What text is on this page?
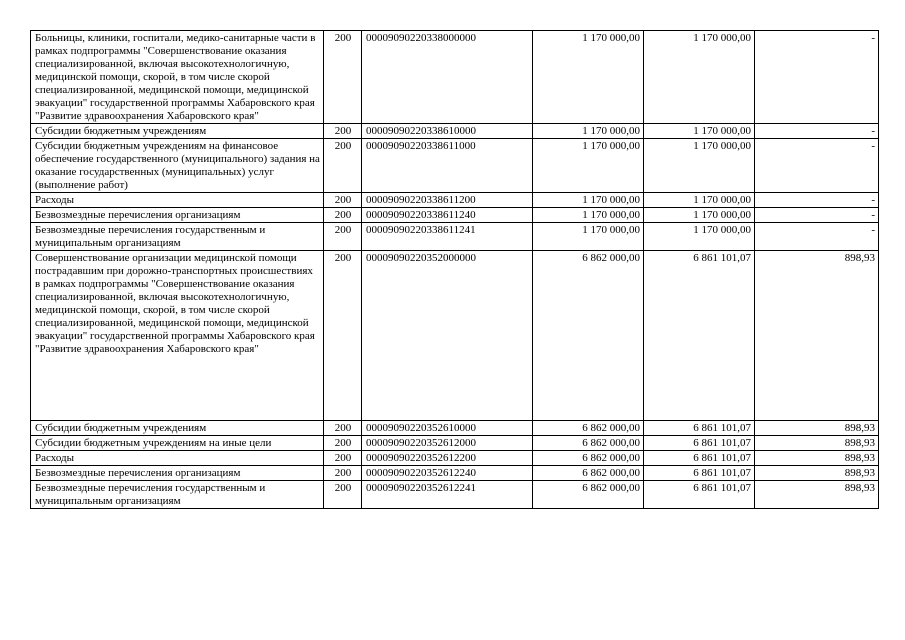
Больницы, клиники, госпитали, медико-санитарные части в рамках подпрограммы "Совершенствование оказания специализированной, включая высокотехнологичную, медицинской помощи, скорой, в том числе скорой специализированной, медицинской помощи, медицинской эвакуации" государственной программы Хабаровского края "Развитие здравоохранения Хабаровского края"	200	00009090220338000000	1 170 000,00	1 170 000,00	-
Субсидии бюджетным учреждениям	200	00009090220338610000	1 170 000,00	1 170 000,00	-
Субсидии бюджетным учреждениям на финансовое обеспечение государственного (муниципального) задания на оказание государственных (муниципальных) услуг (выполнение работ)	200	00009090220338611000	1 170 000,00	1 170 000,00	-
Расходы	200	00009090220338611200	1 170 000,00	1 170 000,00	-
Безвозмездные перечисления организациям	200	00009090220338611240	1 170 000,00	1 170 000,00	-
Безвозмездные перечисления государственным и муниципальным организациям	200	00009090220338611241	1 170 000,00	1 170 000,00	-
Совершенствование организации медицинской помощи пострадавшим при дорожно-транспортных происшествиях в рамках подпрограммы "Совершенствование оказания специализированной, включая высокотехнологичную, медицинской помощи, скорой, в том числе скорой специализированной, медицинской помощи, медицинской эвакуации" государственной программы Хабаровского края "Развитие здравоохранения Хабаровского края"	200	00009090220352000000	6 862 000,00	6 861 101,07	898,93
Субсидии бюджетным учреждениям	200	00009090220352610000	6 862 000,00	6 861 101,07	898,93
Субсидии бюджетным учреждениям на иные цели	200	00009090220352612000	6 862 000,00	6 861 101,07	898,93
Расходы	200	00009090220352612200	6 862 000,00	6 861 101,07	898,93
Безвозмездные перечисления организациям	200	00009090220352612240	6 862 000,00	6 861 101,07	898,93
Безвозмездные перечисления государственным и муниципальным организациям	200	00009090220352612241	6 862 000,00	6 861 101,07	898,93
